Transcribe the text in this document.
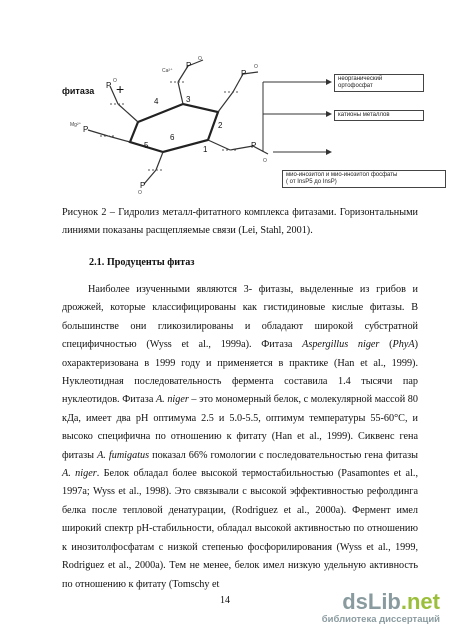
P
P
P
P
P
P
4	3
2
1
5
6
O
O
O
O
O
Mg²⁺
Ca²⁺
фитаза +
неорганический
ортофосфат
катионы металлов
мио-инозитол и мио-инозитол фосфаты
( от InsP5 до InsP)
Рисунок 2 – Гидролиз металл-фитатного комплекса фитазами. Горизонтальными линиями показаны расщепляемые связи (Lei, Stahl, 2001).
2.1. Продуценты фитаз
Наиболее изученными являются 3- фитазы, выделенные из грибов и дрожжей, которые классифицированы как гистидиновые кислые фитазы. В большинстве они гликозилированы и обладают широкой субстратной специфичностью (Wyss et al., 1999a). Фитаза Aspergillus niger (PhyA) охарактеризована в 1999 году и применяется в практике (Han et al., 1999). Нуклеотидная последовательность фермента составила 1.4 тысячи пар нуклеотидов. Фитаза A. niger – это мономерный белок, с молекулярной массой 80 кДа, имеет два pH оптимума 2.5 и 5.0-5.5, оптимум температуры 55-60°C, и высоко специфична по отношению к фитату (Han et al., 1999). Сиквенс гена фитазы A. fumigatus показал 66% гомологии с последовательностью гена фитазы A. niger. Белок обладал более высокой термостабильностью (Pasamontes et al., 1997a; Wyss et al., 1998). Это связывали с высокой эффективностью рефолдинга белка после тепловой денатурации, (Rodriguez et al., 2000a). Фермент имел широкий спектр pH-стабильности, обладал высокой активностью по отношению к инозитолфосфатам с низкой степенью фосфорилирования (Wyss et al., 1999, Rodriguez et al., 2000a). Тем не менее, белок имел низкую удельную активность по отношению к фитату (Tomschy et
14	dsLib.net
библиотека диссертаций
